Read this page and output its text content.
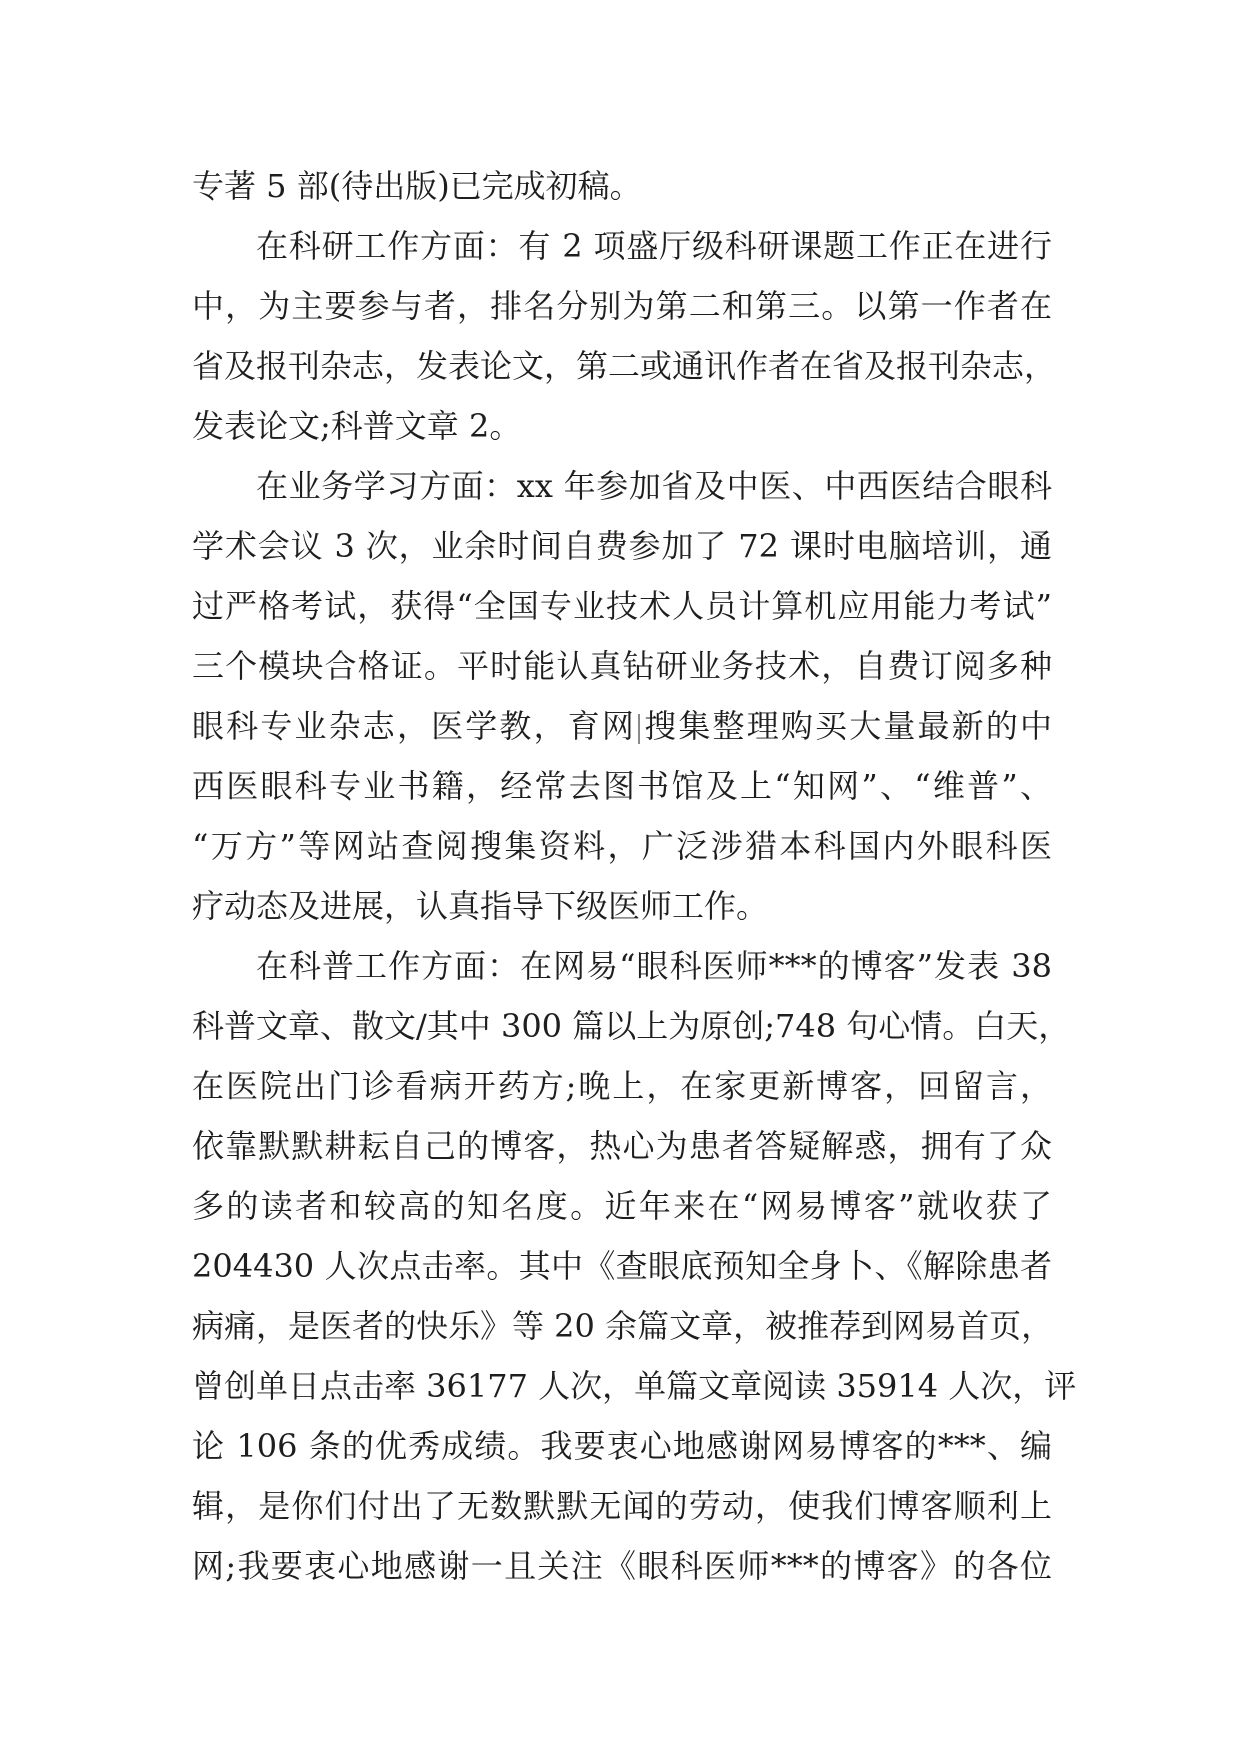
专著 5 部(待出版)已完成初稿。
在科研工作方面：有 2 项盛厅级科研课题工作正在进行
中，为主要参与者，排名分别为第二和第三。以第一作者在
省及报刊杂志，发表论文，第二或通讯作者在省及报刊杂志，
发表论文;科普文章 2。
在业务学习方面：xx 年参加省及中医、中西医结合眼科
学术会议 3 次，业余时间自费参加了 72 课时电脑培训，通
过严格考试，获得“全国专业技术人员计算机应用能力考试”
三个模块合格证。平时能认真钻研业务技术，自费订阅多种
眼科专业杂志，医学教，育网 搜集整理购买大量最新的中
西医眼科专业书籍，经常去图书馆及上“知网”、“维普”、
“万方”等网站查阅搜集资料，广泛涉猎本科国内外眼科医
疗动态及进展，认真指导下级医师工作。
在科普工作方面：在网易“眼科医师***的博客”发表 38
科普文章、散文/其中 300 篇以上为原创;748 句心情。白天，
在医院出门诊看病开药方;晚上，在家更新博客，回留言，
依靠默默耕耘自己的博客，热心为患者答疑解惑，拥有了众
多的读者和较高的知名度。近年来在“网易博客”就收获了
204430 人次点击率。其中《查眼底预知全身卜、《解除患者
病痛，是医者的快乐》等 20 余篇文章，被推荐到网易首页，
曾创单日点击率 36177 人次，单篇文章阅读 35914 人次，评
论 106 条的优秀成绩。我要衷心地感谢网易博客的***、编
辑，是你们付出了无数默默无闻的劳动，使我们博客顺利上
网;我要衷心地感谢一且关注《眼科医师***的博客》的各位
